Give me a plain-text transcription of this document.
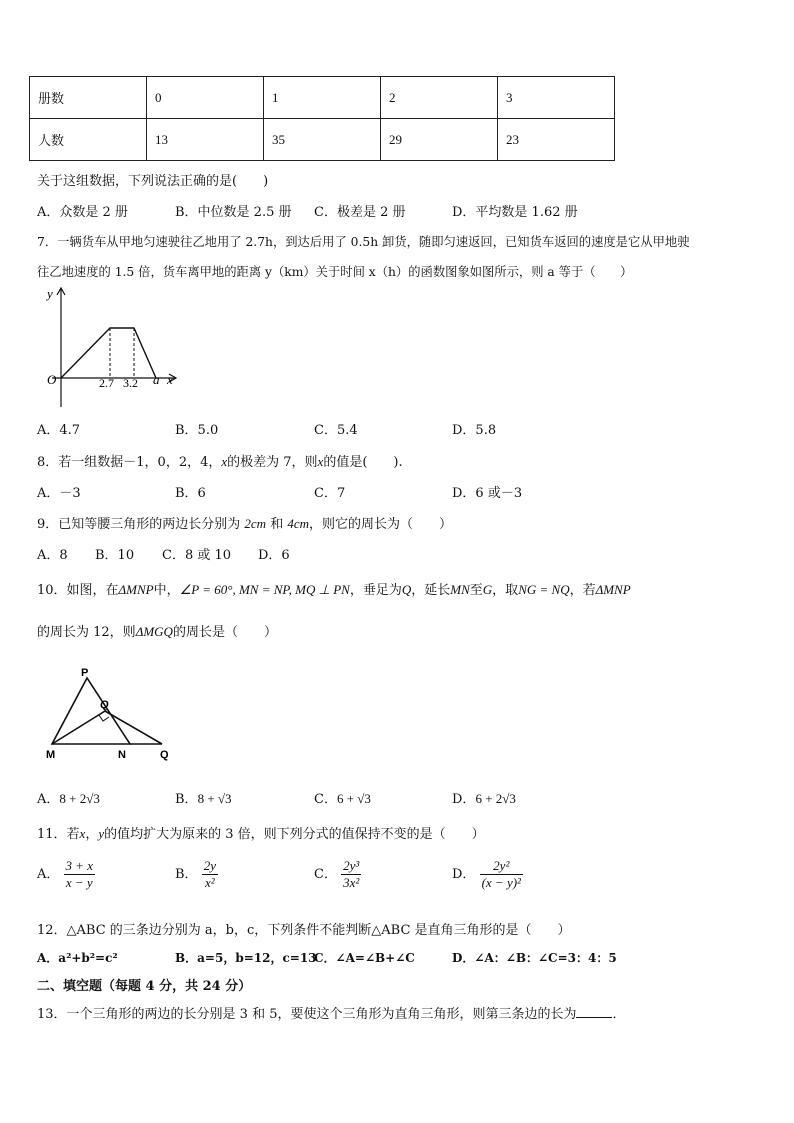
册数	0	1	2	3
人数	13	35	29	23
关于这组数据，下列说法正确的是(　　)
A．众数是 2 册	B．中位数是 2.5 册 C．极差是 2 册	D．平均数是 1.62 册
7．一辆货车从甲地匀速驶往乙地用了 2.7h，到达后用了 0.5h 卸货，随即匀速返回，已知货车返回的速度是它从甲地驶
往乙地速度的 1.5 倍，货车离甲地的距离 y（km）关于时间 x（h）的函数图象如图所示，则 a 等于（　　）
y
x
O	2.7 3.2 a
A．4.7	B．5.0	C．5.4	D．5.8
8．若一组数据－1，0，2，4，x的极差为 7，则x的值是(　　).
A．－3	B．6	C．7	D．6 或－3
9．已知等腰三角形的两边长分别为 2cm 和 4cm，则它的周长为（　　）
A．8 B．10 C．8 或 10 D．6
10．如图，在ΔMNP中，∠P = 60°, MN = NP, MQ ⊥ PN，垂足为Q，延长MN至G，取NG = NQ，若ΔMNP
的周长为 12，则ΔMGQ的周长是（　　）
P
Q
M	N	Q
A．8 + 2√3	B．8 + √3	C．6 + √3	D．6 + 2√3
11．若x，y的值均扩大为原来的 3 倍，则下列分式的值保持不变的是（　　）
A． $\frac{3 + x}{x - y}$	B． $\frac{2y}{\text{x²}}$	C． $\frac{\text{2y³}}{\text{3x²}}$	D． $\frac{\text{2y²}}{\text{(x − y)²}}$
12．△ABC 的三条边分别为 a，b，c，下列条件不能判断△ABC 是直角三角形的是（　　）
A．a²+b²=c²	B．a=5，b=12，c=13
C．∠A=∠B+∠C	D．∠A：∠B：∠C=3：4：5
二、填空题（每题 4 分，共 24 分）
13．一个三角形的两边的长分别是 3 和 5，要使这个三角形为直角三角形，则第三条边的长为	．
